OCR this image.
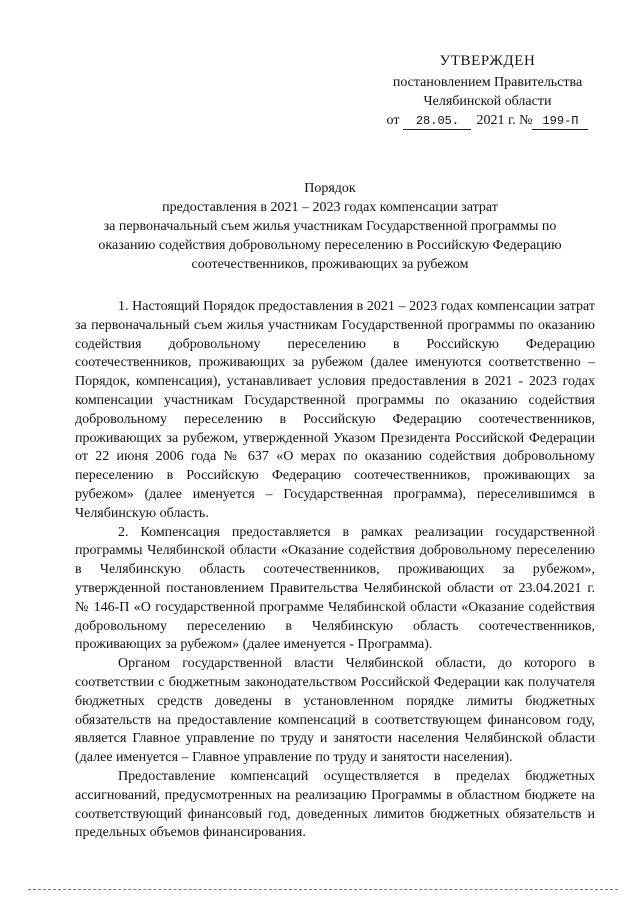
УТВЕРЖДЕН
постановлением Правительства
Челябинской области
от	28.05.	2021 г. № 199-П
Порядок
предоставления в 2021 – 2023 годах компенсации затрат
за первоначальный съем жилья участникам Государственной программы по
оказанию содействия добровольному переселению в Российскую Федерацию
соотечественников, проживающих за рубежом

1. Настоящий Порядок предоставления в 2021 – 2023 годах компенсации затрат за первоначальный съем жилья участникам Государственной программы по оказанию содействия добровольному переселению в Российскую Федерацию соотечественников, проживающих за рубежом (далее именуются соответственно – Порядок, компенсация), устанавливает условия предоставления в 2021 - 2023 годах компенсации участникам Государственной программы по оказанию содействия добровольному переселению в Российскую Федерацию соотечественников, проживающих за рубежом, утвержденной Указом Президента Российской Федерации от 22 июня 2006 года № 637 «О мерах по оказанию содействия добровольному переселению в Российскую Федерацию соотечественников, проживающих за рубежом» (далее именуется – Государственная программа), переселившимся в Челябинскую область.

2. Компенсация предоставляется в рамках реализации государственной программы Челябинской области «Оказание содействия добровольному переселению в Челябинскую область соотечественников, проживающих за рубежом», утвержденной постановлением Правительства Челябинской области от 23.04.2021 г. № 146-П «О государственной программе Челябинской области «Оказание содействия добровольному переселению в Челябинскую область соотечественников, проживающих за рубежом» (далее именуется - Программа).

Органом государственной власти Челябинской области, до которого в соответствии с бюджетным законодательством Российской Федерации как получателя бюджетных средств доведены в установленном порядке лимиты бюджетных обязательств на предоставление компенсаций в соответствующем финансовом году, является Главное управление по труду и занятости населения Челябинской области (далее именуется – Главное управление по труду и занятости населения).

Предоставление компенсаций осуществляется в пределах бюджетных ассигнований, предусмотренных на реализацию Программы в областном бюджете на соответствующий финансовый год, доведенных лимитов бюджетных обязательств и предельных объемов финансирования.
